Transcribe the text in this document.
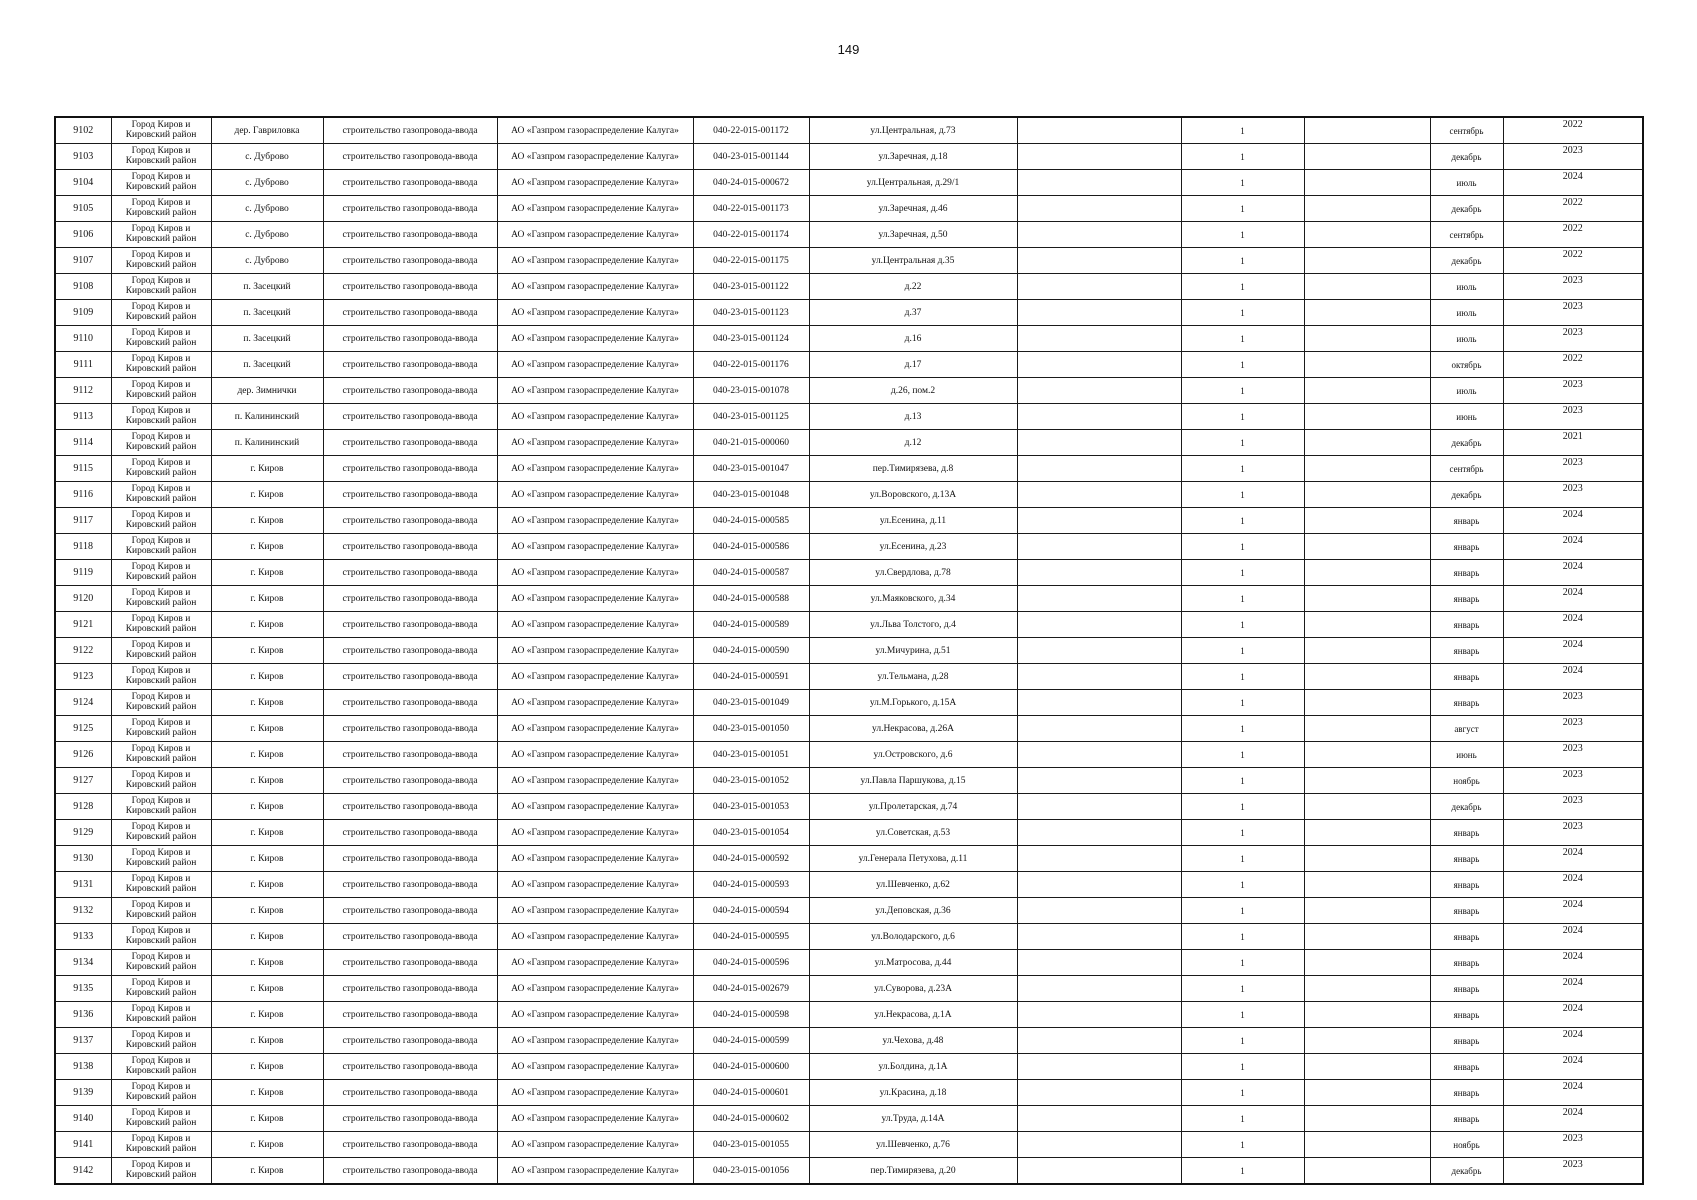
149
9102	Город Киров и Кировский район	дер. Гавриловка	строительство газопровода-ввода	АО «Газпром газораспределение Калуга»	040-22-015-001172	ул.Центральная, д.73		1		сентябрь	2022
9103	Город Киров и Кировский район	с. Дуброво	строительство газопровода-ввода	АО «Газпром газораспределение Калуга»	040-23-015-001144	ул.Заречная, д.18		1		декабрь	2023
9104	Город Киров и Кировский район	с. Дуброво	строительство газопровода-ввода	АО «Газпром газораспределение Калуга»	040-24-015-000672	ул.Центральная, д.29/1		1		июль	2024
9105	Город Киров и Кировский район	с. Дуброво	строительство газопровода-ввода	АО «Газпром газораспределение Калуга»	040-22-015-001173	ул.Заречная, д.46		1		декабрь	2022
9106	Город Киров и Кировский район	с. Дуброво	строительство газопровода-ввода	АО «Газпром газораспределение Калуга»	040-22-015-001174	ул.Заречная, д.50		1		сентябрь	2022
9107	Город Киров и Кировский район	с. Дуброво	строительство газопровода-ввода	АО «Газпром газораспределение Калуга»	040-22-015-001175	ул.Центральная д.35		1		декабрь	2022
9108	Город Киров и Кировский район	п. Засецкий	строительство газопровода-ввода	АО «Газпром газораспределение Калуга»	040-23-015-001122	д.22		1		июль	2023
9109	Город Киров и Кировский район	п. Засецкий	строительство газопровода-ввода	АО «Газпром газораспределение Калуга»	040-23-015-001123	д.37		1		июль	2023
9110	Город Киров и Кировский район	п. Засецкий	строительство газопровода-ввода	АО «Газпром газораспределение Калуга»	040-23-015-001124	д.16		1		июль	2023
9111	Город Киров и Кировский район	п. Засецкий	строительство газопровода-ввода	АО «Газпром газораспределение Калуга»	040-22-015-001176	д.17		1		октябрь	2022
9112	Город Киров и Кировский район	дер. Зимнички	строительство газопровода-ввода	АО «Газпром газораспределение Калуга»	040-23-015-001078	д.26, пом.2		1		июль	2023
9113	Город Киров и Кировский район	п. Калининский	строительство газопровода-ввода	АО «Газпром газораспределение Калуга»	040-23-015-001125	д.13		1		июнь	2023
9114	Город Киров и Кировский район	п. Калининский	строительство газопровода-ввода	АО «Газпром газораспределение Калуга»	040-21-015-000060	д.12		1		декабрь	2021
9115	Город Киров и Кировский район	г. Киров	строительство газопровода-ввода	АО «Газпром газораспределение Калуга»	040-23-015-001047	пер.Тимирязева, д.8		1		сентябрь	2023
9116	Город Киров и Кировский район	г. Киров	строительство газопровода-ввода	АО «Газпром газораспределение Калуга»	040-23-015-001048	ул.Воровского, д.13А		1		декабрь	2023
9117	Город Киров и Кировский район	г. Киров	строительство газопровода-ввода	АО «Газпром газораспределение Калуга»	040-24-015-000585	ул.Есенина, д.11		1		январь	2024
9118	Город Киров и Кировский район	г. Киров	строительство газопровода-ввода	АО «Газпром газораспределение Калуга»	040-24-015-000586	ул.Есенина, д.23		1		январь	2024
9119	Город Киров и Кировский район	г. Киров	строительство газопровода-ввода	АО «Газпром газораспределение Калуга»	040-24-015-000587	ул.Свердлова, д.78		1		январь	2024
9120	Город Киров и Кировский район	г. Киров	строительство газопровода-ввода	АО «Газпром газораспределение Калуга»	040-24-015-000588	ул.Маяковского, д.34		1		январь	2024
9121	Город Киров и Кировский район	г. Киров	строительство газопровода-ввода	АО «Газпром газораспределение Калуга»	040-24-015-000589	ул.Льва Толстого, д.4		1		январь	2024
9122	Город Киров и Кировский район	г. Киров	строительство газопровода-ввода	АО «Газпром газораспределение Калуга»	040-24-015-000590	ул.Мичурина, д.51		1		январь	2024
9123	Город Киров и Кировский район	г. Киров	строительство газопровода-ввода	АО «Газпром газораспределение Калуга»	040-24-015-000591	ул.Тельмана, д.28		1		январь	2024
9124	Город Киров и Кировский район	г. Киров	строительство газопровода-ввода	АО «Газпром газораспределение Калуга»	040-23-015-001049	ул.М.Горького, д.15А		1		январь	2023
9125	Город Киров и Кировский район	г. Киров	строительство газопровода-ввода	АО «Газпром газораспределение Калуга»	040-23-015-001050	ул.Некрасова, д.26А		1		август	2023
9126	Город Киров и Кировский район	г. Киров	строительство газопровода-ввода	АО «Газпром газораспределение Калуга»	040-23-015-001051	ул.Островского, д.6		1		июнь	2023
9127	Город Киров и Кировский район	г. Киров	строительство газопровода-ввода	АО «Газпром газораспределение Калуга»	040-23-015-001052	ул.Павла Паршукова, д.15		1		ноябрь	2023
9128	Город Киров и Кировский район	г. Киров	строительство газопровода-ввода	АО «Газпром газораспределение Калуга»	040-23-015-001053	ул.Пролетарская, д.74		1		декабрь	2023
9129	Город Киров и Кировский район	г. Киров	строительство газопровода-ввода	АО «Газпром газораспределение Калуга»	040-23-015-001054	ул.Советская, д.53		1		январь	2023
9130	Город Киров и Кировский район	г. Киров	строительство газопровода-ввода	АО «Газпром газораспределение Калуга»	040-24-015-000592	ул.Генерала Петухова, д.11		1		январь	2024
9131	Город Киров и Кировский район	г. Киров	строительство газопровода-ввода	АО «Газпром газораспределение Калуга»	040-24-015-000593	ул.Шевченко, д.62		1		январь	2024
9132	Город Киров и Кировский район	г. Киров	строительство газопровода-ввода	АО «Газпром газораспределение Калуга»	040-24-015-000594	ул.Деповская, д.36		1		январь	2024
9133	Город Киров и Кировский район	г. Киров	строительство газопровода-ввода	АО «Газпром газораспределение Калуга»	040-24-015-000595	ул.Володарского, д.6		1		январь	2024
9134	Город Киров и Кировский район	г. Киров	строительство газопровода-ввода	АО «Газпром газораспределение Калуга»	040-24-015-000596	ул.Матросова, д.44		1		январь	2024
9135	Город Киров и Кировский район	г. Киров	строительство газопровода-ввода	АО «Газпром газораспределение Калуга»	040-24-015-002679	ул.Суворова, д.23А		1		январь	2024
9136	Город Киров и Кировский район	г. Киров	строительство газопровода-ввода	АО «Газпром газораспределение Калуга»	040-24-015-000598	ул.Некрасова, д.1А		1		январь	2024
9137	Город Киров и Кировский район	г. Киров	строительство газопровода-ввода	АО «Газпром газораспределение Калуга»	040-24-015-000599	ул.Чехова, д.48		1		январь	2024
9138	Город Киров и Кировский район	г. Киров	строительство газопровода-ввода	АО «Газпром газораспределение Калуга»	040-24-015-000600	ул.Болдина, д.1А		1		январь	2024
9139	Город Киров и Кировский район	г. Киров	строительство газопровода-ввода	АО «Газпром газораспределение Калуга»	040-24-015-000601	ул.Красина, д.18		1		январь	2024
9140	Город Киров и Кировский район	г. Киров	строительство газопровода-ввода	АО «Газпром газораспределение Калуга»	040-24-015-000602	ул.Труда, д.14А		1		январь	2024
9141	Город Киров и Кировский район	г. Киров	строительство газопровода-ввода	АО «Газпром газораспределение Калуга»	040-23-015-001055	ул.Шевченко, д.76		1		ноябрь	2023
9142	Город Киров и Кировский район	г. Киров	строительство газопровода-ввода	АО «Газпром газораспределение Калуга»	040-23-015-001056	пер.Тимирязева, д.20		1		декабрь	2023
